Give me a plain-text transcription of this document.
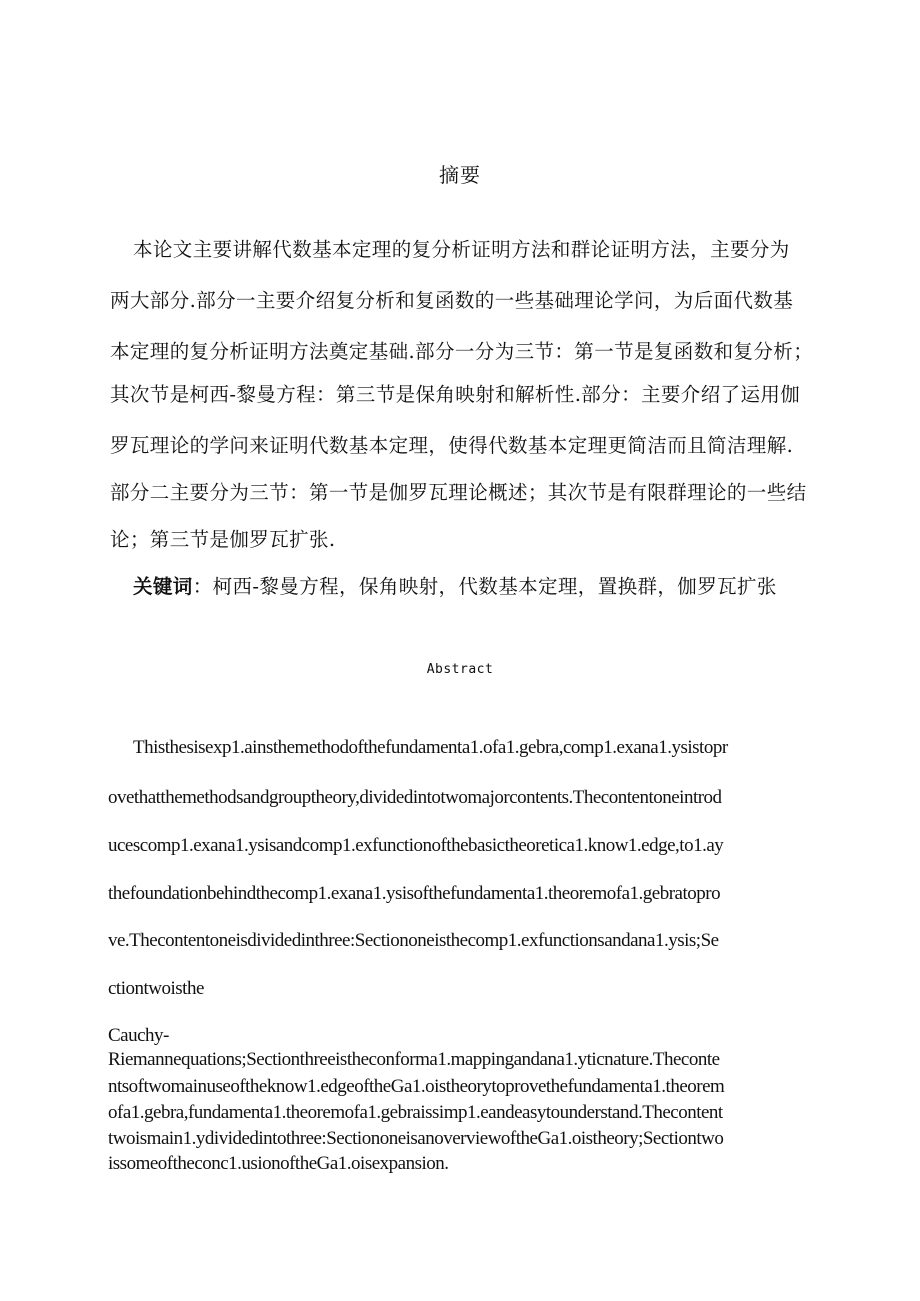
摘要
本论文主要讲解代数基本定理的复分析证明方法和群论证明方法，主要分为
两大部分.部分一主要介绍复分析和复函数的一些基础理论学问，为后面代数基
本定理的复分析证明方法奠定基础.部分一分为三节：第一节是复函数和复分析；
其次节是柯西-黎曼方程：第三节是保角映射和解析性.部分：主要介绍了运用伽
罗瓦理论的学问来证明代数基本定理，使得代数基本定理更简洁而且简洁理解.
部分二主要分为三节：第一节是伽罗瓦理论概述；其次节是有限群理论的一些结
论；第三节是伽罗瓦扩张.
关键词：柯西-黎曼方程，保角映射，代数基本定理，置换群，伽罗瓦扩张
Abstract
Thisthesisexp1.ainsthemethodofthefundamenta1.ofa1.gebra,comp1.exana1.ysistopr
ovethatthemethodsandgrouptheory,dividedintotwomajorcontents.Thecontentoneintrod
ucescomp1.exana1.ysisandcomp1.exfunctionofthebasictheoretica1.know1.edge,to1.ay
thefoundationbehindthecomp1.exana1.ysisofthefundamenta1.theoremofa1.gebratopro
ve.Thecontentoneisdividedinthree:Sectiononeisthecomp1.exfunctionsandana1.ysis;Se
ctiontwoisthe
Cauchy-
Riemannequations;Sectionthreeistheconforma1.mappingandana1.yticnature.Theconte
ntsoftwomainuseoftheknow1.edgeoftheGa1.oistheorytoprovethefundamenta1.theorem
ofa1.gebra,fundamenta1.theoremofa1.gebraissimp1.eandeasytounderstand.Thecontent
twoismain1.ydividedintothree:SectiononeisanoverviewoftheGa1.oistheory;Sectiontwo
issomeoftheconc1.usionoftheGa1.oisexpansion.
